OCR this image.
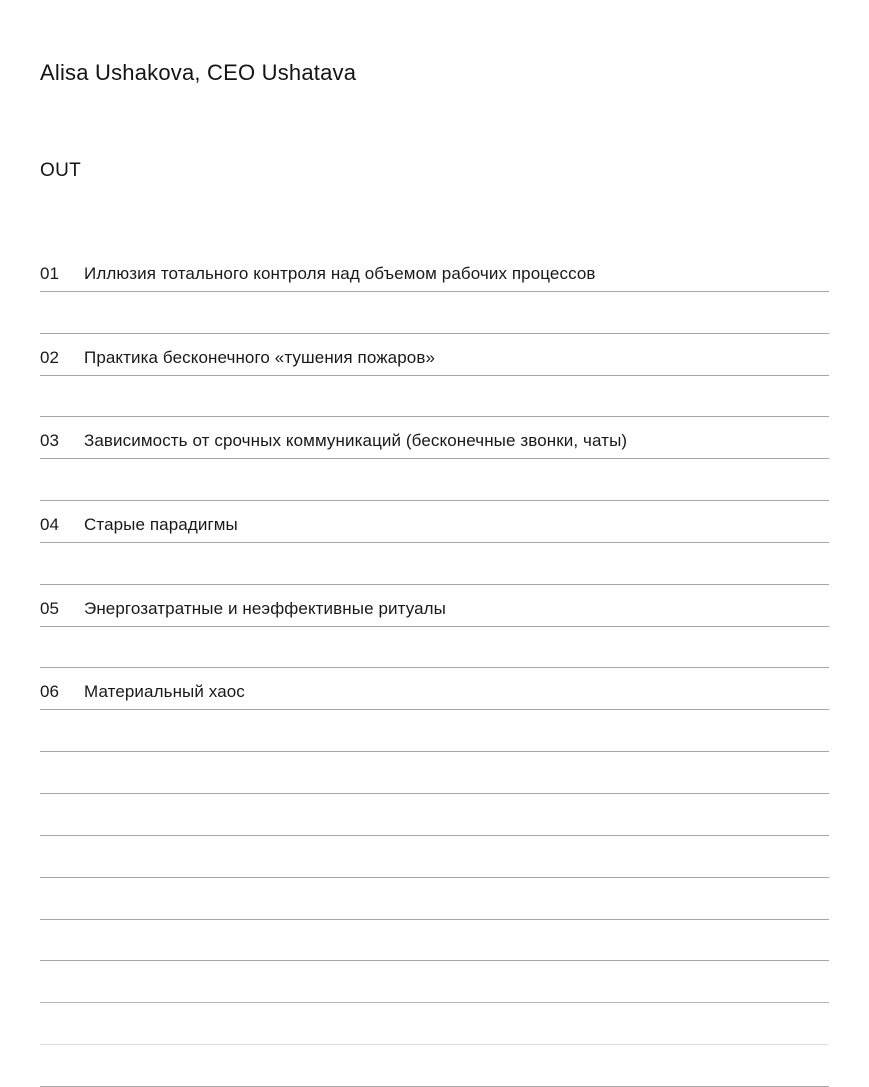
Alisa Ushakova, CEO Ushatava
OUT
01	Иллюзия тотального контроля над объемом рабочих процессов
02	Практика бесконечного «тушения пожаров»
03	Зависимость от срочных коммуникаций (бесконечные звонки, чаты)
04	Старые парадигмы
05	Энергозатратные и неэффективные ритуалы
06	Материальный хаос
